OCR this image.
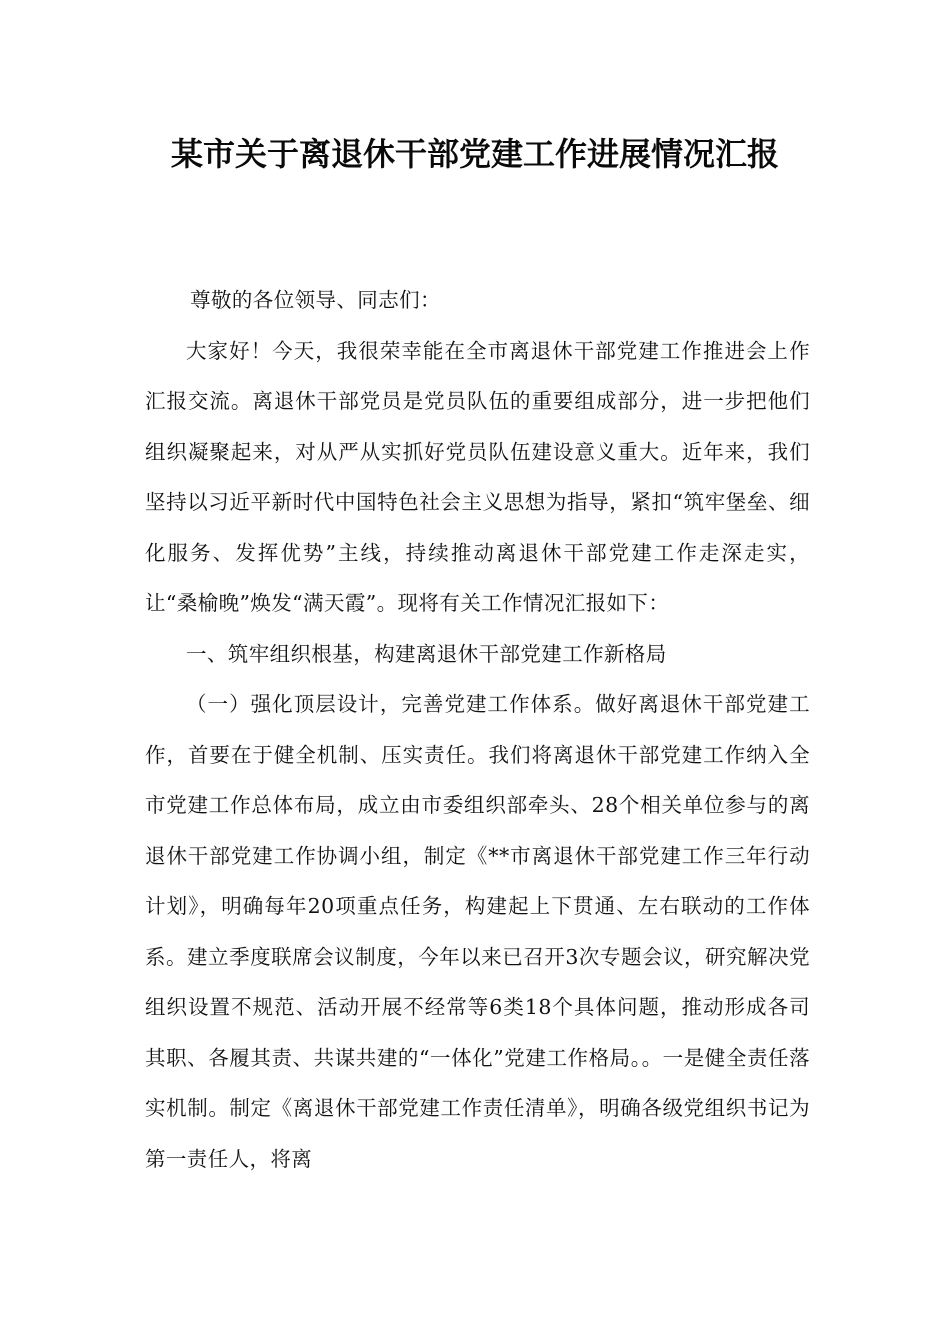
某市关于离退休干部党建工作进展情况汇报

尊敬的各位领导、同志们：

大家好！今天，我很荣幸能在全市离退休干部党建工作推进会上作汇报交流。离退休干部党员是党员队伍的重要组成部分，进一步把他们组织凝聚起来，对从严从实抓好党员队伍建设意义重大。近年来，我们坚持以习近平新时代中国特色社会主义思想为指导，紧扣“筑牢堡垒、细化服务、发挥优势”主线，持续推动离退休干部党建工作走深走实，让“桑榆晚”焕发“满天霞”。现将有关工作情况汇报如下：

一、筑牢组织根基，构建离退休干部党建工作新格局

（一）强化顶层设计，完善党建工作体系。做好离退休干部党建工作，首要在于健全机制、压实责任。我们将离退休干部党建工作纳入全市党建工作总体布局，成立由市委组织部牵头、28个相关单位参与的离退休干部党建工作协调小组，制定《**市离退休干部党建工作三年行动计划》，明确每年20项重点任务，构建起上下贯通、左右联动的工作体系。建立季度联席会议制度，今年以来已召开3次专题会议，研究解决党组织设置不规范、活动开展不经常等6类18个具体问题，推动形成各司其职、各履其责、共谋共建的“一体化”党建工作格局。。一是健全责任落实机制。制定《离退休干部党建工作责任清单》，明确各级党组织书记为第一责任人，将离
